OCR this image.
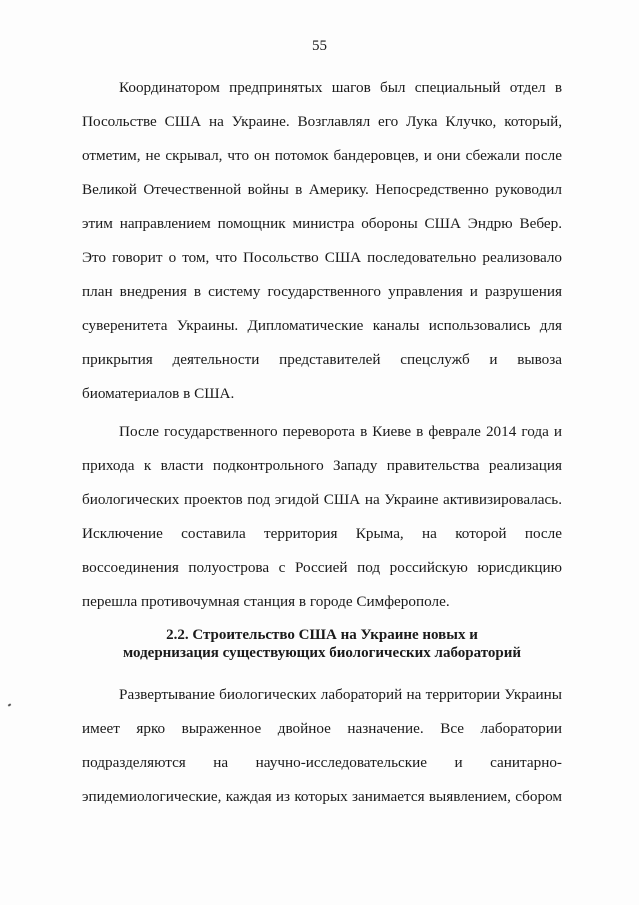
55
Координатором предпринятых шагов был специальный отдел в
Посольстве США на Украине. Возглавлял его Лука Клучко, который,
отметим, не скрывал, что он потомок бандеровцев, и они сбежали после
Великой Отечественной войны в Америку. Непосредственно руководил
этим направлением помощник министра обороны США Эндрю Вебер.
Это говорит о том, что Посольство США последовательно реализовало
план внедрения в систему государственного управления и разрушения
суверенитета Украины. Дипломатические каналы использовались для
прикрытия деятельности представителей спецслужб и вывоза
биоматериалов в США.
После государственного переворота в Киеве в феврале 2014 года и
прихода к власти подконтрольного Западу правительства реализация
биологических проектов под эгидой США на Украине активизировалась.
Исключение составила территория Крыма, на которой после
воссоединения полуострова с Россией под российскую юрисдикцию
перешла противочумная станция в городе Симферополе.
2.2. Строительство США на Украине новых и
модернизация существующих биологических лабораторий
Развертывание биологических лабораторий на территории Украины
имеет ярко выраженное двойное назначение. Все лаборатории
подразделяются на научно-исследовательские и санитарно-
эпидемиологические, каждая из которых занимается выявлением, сбором
